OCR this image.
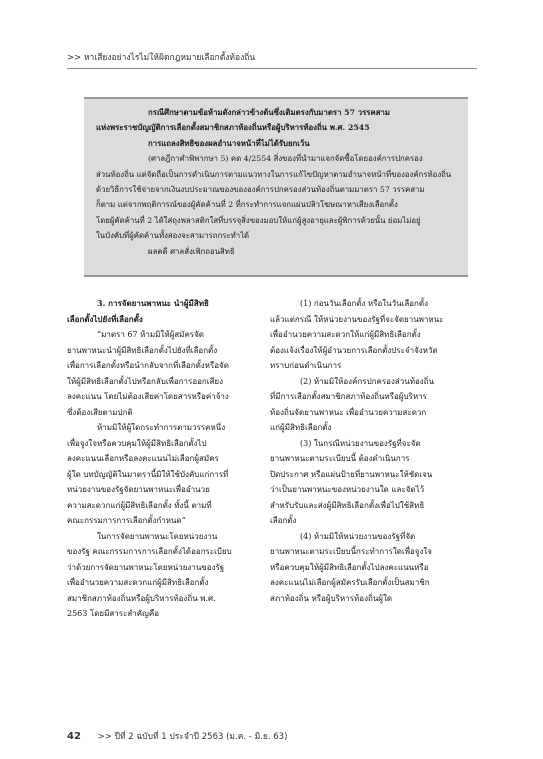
>> หาเสียงอย่างไรไม่ให้ผิดกฎหมายเลือกตั้งท้องถิ่น
กรณีศึกษาตามข้อห้ามดังกล่าวข้างต้นซึ่งเติมตรงกับมาตรา 57 วรรคสาม
แห่งพระราชบัญญัติการเลือกตั้งสมาชิกสภาท้องถิ่นหรือผู้บริหารท้องถิ่น พ.ศ. 2545
การแถลงสิทธิของผลอำนาจหน้าที่ไม่ได้รับยกเว้น
(ศาลฎีกาคำพิพากษา 5) คด 4/2554 สิ่งของที่นำมาแจกจัดซื้อโดยองค์การปกครอง
ส่วนท้องถิ่น แต่จัดถือเป็นการดำเนินการตามแนวทางในการแก้ไขปัญหาตามอำนาจหน้าที่ขององค์กรท้องถิ่น
ด้วยวิธีการใช้จ่ายจากเงินงบประมาณของขององค์การปกครองส่วนท้องถิ่นตามมาตรา 57 วรรคสาม
ก็ตาม แต่จากพฤติการณ์ของผู้คัดค้านที่ 2 ที่กระทำการแจกแผ่นปลิวโฆษณาหาเสียงเลือกตั้ง
โดยผู้คัดค้านที่ 2 ได้ใส่ถุงพลาสติกใสที่บรรจุสิ่งของมอบให้แก่ผู้สูงอายุและผู้พิการด้วยนั้น ย่อมไม่อยู่
ในบังคับที่ผู้คัดค้านทั้งสองจะสามารถกระทำได้
ผลคดี ศาลสั่งเพิกถอนสิทธิ
3. การจัดยานพาหนะ นำผู้มีสิทธิ
เลือกตั้งไปยังที่เลือกตั้ง
“มาตรา 67 ห้ามมิให้ผู้สมัครจัด
ยานพาหนะนำผู้มีสิทธิเลือกตั้งไปยังที่เลือกตั้ง
เพื่อการเลือกตั้งหรือนำกลับจากที่เลือกตั้งหรือจัด
ให้ผู้มีสิทธิเลือกตั้งไปหรือกลับเพื่อการออกเสียง
ลงคะแนน โดยไม่ต้องเสียค่าโดยสารหรือค่าจ้าง
ซึ่งต้องเสียตามปกติ
ห้ามมิให้ผู้ใดกระทำการตามวรรคหนึ่ง
เพื่อจูงใจหรือควบคุมให้ผู้มีสิทธิเลือกตั้งไป
ลงคะแนนเลือกหรือลงคะแนนไม่เลือกผู้สมัคร
ผู้ใด บทบัญญัติในมาตรานี้มิให้ใช้บังคับแก่การที่
หน่วยงานของรัฐจัดยานพาหนะเพื่ออำนวย
ความสะดวกแก่ผู้มีสิทธิเลือกตั้ง ทั้งนี้ ตามที่
คณะกรรมการการเลือกตั้งกำหนด”
ในการจัดยานพาหนะโดยหน่วยงาน
ของรัฐ คณะกรรมการการเลือกตั้งได้ออกระเบียบ
ว่าด้วยการจัดยานพาหนะโดยหน่วยงานของรัฐ
เพื่ออำนวยความสะดวกแก่ผู้มีสิทธิเลือกตั้ง
สมาชิกสภาท้องถิ่นหรือผู้บริหารท้องถิ่น พ.ศ.
2563 โดยมีสาระสำคัญคือ
(1) ก่อนวันเลือกตั้ง หรือในวันเลือกตั้ง
แล้วแต่กรณี ให้หน่วยงานของรัฐที่จะจัดยานพาหนะ
เพื่ออำนวยความสะดวกให้แก่ผู้มีสิทธิเลือกตั้ง
ต้องแจ้งเรื่องให้ผู้อำนวยการเลือกตั้งประจำจังหวัด
ทราบก่อนดำเนินการ
(2) ห้ามมิให้องค์กรปกครองส่วนท้องถิ่น
ที่มีการเลือกตั้งสมาชิกสภาท้องถิ่นหรือผู้บริหาร
ท้องถิ่นจัดยานพาหนะ เพื่ออำนวยความสะดวก
แก่ผู้มีสิทธิเลือกตั้ง
(3) ในกรณีหน่วยงานของรัฐที่จะจัด
ยานพาหนะตามระเบียบนี้ ต้องดำเนินการ
ปิดประกาศ หรือแผ่นป้ายที่ยานพาหนะให้ชัดเจน
ว่าเป็นยานพาหนะของหน่วยงานใด และจัดไว้
สำหรับรับและส่งผู้มีสิทธิเลือกตั้งเพื่อไปใช้สิทธิ
เลือกตั้ง
(4) ห้ามมิให้หน่วยงานของรัฐที่จัด
ยานพาหนะตามระเบียบนี้กระทำการใดเพื่อจูงใจ
หรือควบคุมให้ผู้มีสิทธิเลือกตั้งไปลงคะแนนหรือ
ลงคะแนนไม่เลือกผู้สมัครรับเลือกตั้งเป็นสมาชิก
สภาท้องถิ่น หรือผู้บริหารท้องถิ่นผู้ใด
42 >> ปีที่ 2 ฉบับที่ 1 ประจำปี 2563 (ม.ค. - มิ.ย. 63)
